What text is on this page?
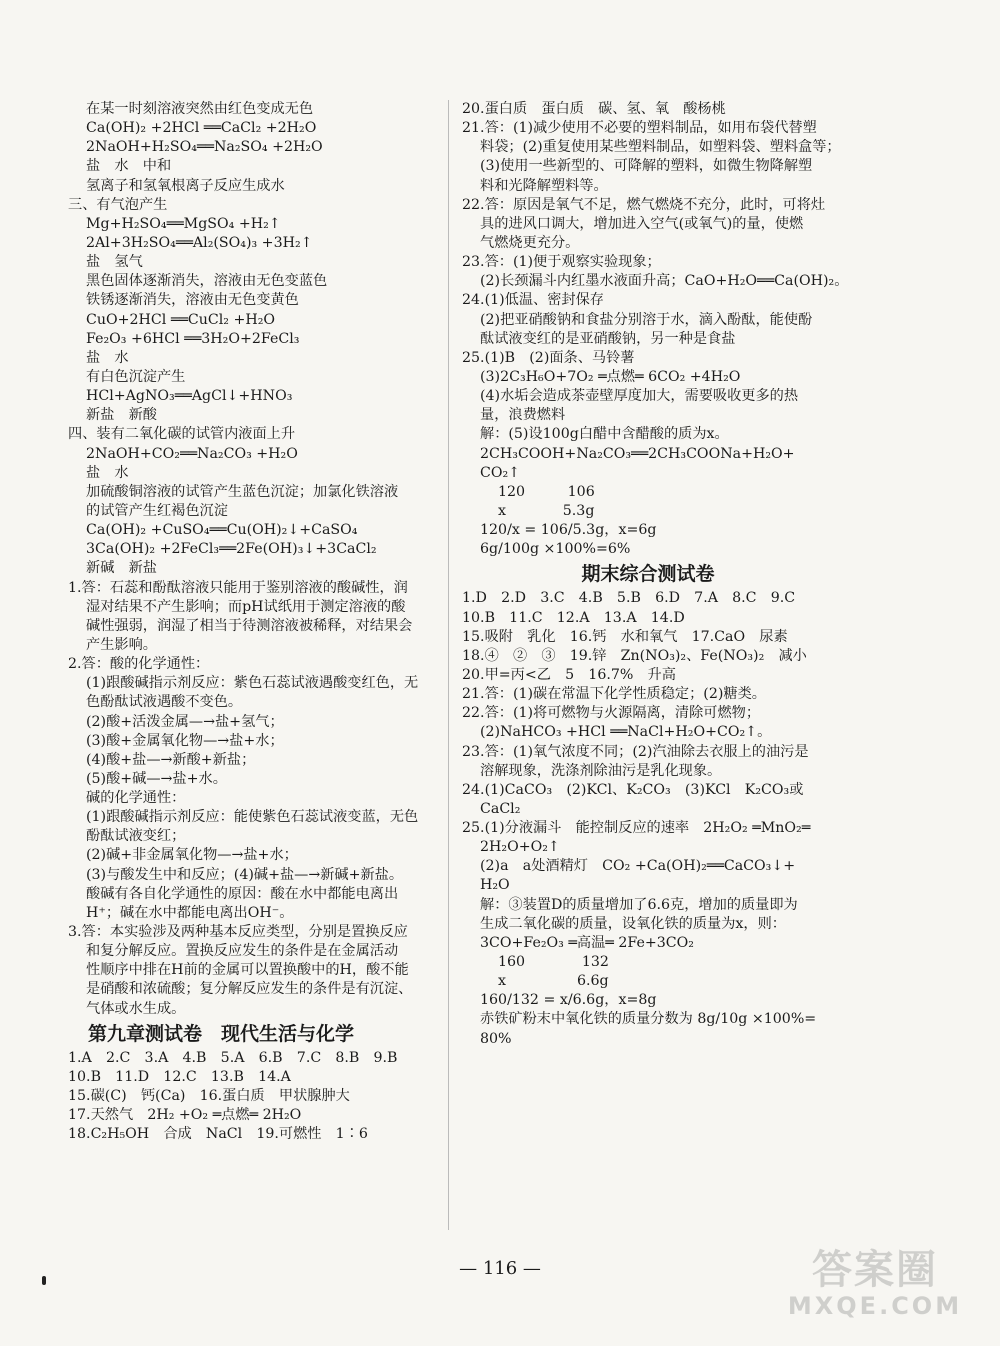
在某一时刻溶液突然由红色变成无色
Ca(OH)₂ +2HCl ══CaCl₂ +2H₂O
2NaOH+H₂SO₄══Na₂SO₄ +2H₂O
盐　水　中和
氢离子和氢氧根离子反应生成水
三、有气泡产生
Mg+H₂SO₄══MgSO₄ +H₂↑
2Al+3H₂SO₄══Al₂(SO₄)₃ +3H₂↑
盐　氢气
黑色固体逐渐消失，溶液由无色变蓝色
铁锈逐渐消失，溶液由无色变黄色
CuO+2HCl ══CuCl₂ +H₂O
Fe₂O₃ +6HCl ══3H₂O+2FeCl₃
盐　水
有白色沉淀产生
HCl+AgNO₃══AgCl↓+HNO₃
新盐　新酸
四、装有二氧化碳的试管内液面上升
2NaOH+CO₂══Na₂CO₃ +H₂O
盐　水
加硫酸铜溶液的试管产生蓝色沉淀；加氯化铁溶液
的试管产生红褐色沉淀
Ca(OH)₂ +CuSO₄══Cu(OH)₂↓+CaSO₄
3Ca(OH)₂ +2FeCl₃══2Fe(OH)₃↓+3CaCl₂
新碱　新盐
1.答：石蕊和酚酞溶液只能用于鉴别溶液的酸碱性，润
湿对结果不产生影响；而pH试纸用于测定溶液的酸
碱性强弱，润湿了相当于待测溶液被稀释，对结果会
产生影响。
2.答：酸的化学通性：
(1)跟酸碱指示剂反应：紫色石蕊试液遇酸变红色，无
色酚酞试液遇酸不变色。
(2)酸+活泼金属—→盐+氢气；
(3)酸+金属氧化物—→盐+水；
(4)酸+盐—→新酸+新盐；
(5)酸+碱—→盐+水。
碱的化学通性：
(1)跟酸碱指示剂反应：能使紫色石蕊试液变蓝，无色
酚酞试液变红；
(2)碱+非金属氧化物—→盐+水；
(3)与酸发生中和反应；(4)碱+盐—→新碱+新盐。
酸碱有各自化学通性的原因：酸在水中都能电离出
H⁺；碱在水中都能电离出OH⁻。
3.答：本实验涉及两种基本反应类型，分别是置换反应
和复分解反应。置换反应发生的条件是在金属活动
性顺序中排在H前的金属可以置换酸中的H，酸不能
是硝酸和浓硫酸；复分解反应发生的条件是有沉淀、
气体或水生成。
第九章测试卷　现代生活与化学
1.A　2.C　3.A　4.B　5.A　6.B　7.C　8.B　9.B
10.B　11.D　12.C　13.B　14.A
15.碳(C)　钙(Ca)　16.蛋白质　甲状腺肿大
17.天然气　2H₂ +O₂ ═点燃═ 2H₂O
18.C₂H₅OH　合成　NaCl　19.可燃性　1∶6
20.蛋白质　蛋白质　碳、氢、氧　酸杨桃
21.答：(1)减少使用不必要的塑料制品，如用布袋代替塑
料袋；(2)重复使用某些塑料制品，如塑料袋、塑料盒等；
(3)使用一些新型的、可降解的塑料，如微生物降解塑
料和光降解塑料等。
22.答：原因是氧气不足，燃气燃烧不充分，此时，可将灶
具的进风口调大，增加进入空气(或氧气)的量，使燃
气燃烧更充分。
23.答：(1)便于观察实验现象；
(2)长颈漏斗内红墨水液面升高；CaO+H₂O══Ca(OH)₂。
24.(1)低温、密封保存
(2)把亚硝酸钠和食盐分别溶于水，滴入酚酞，能使酚
酞试液变红的是亚硝酸钠，另一种是食盐
25.(1)B　(2)面条、马铃薯
(3)2C₃H₆O+7O₂ ═点燃═ 6CO₂ +4H₂O
(4)水垢会造成茶壶壁厚度加大，需要吸收更多的热
量，浪费燃料
解：(5)设100g白醋中含醋酸的质为x。
2CH₃COOH+Na₂CO₃══2CH₃COONa+H₂O+
CO₂↑
120　　　106
x　　　　5.3g
120/x = 106/5.3g，x=6g
6g/100g ×100%=6%
期末综合测试卷
1.D　2.D　3.C　4.B　5.B　6.D　7.A　8.C　9.C
10.B　11.C　12.A　13.A　14.D
15.吸附　乳化　16.钙　水和氧气　17.CaO　尿素
18.④　②　③　19.锌　Zn(NO₃)₂、Fe(NO₃)₂　减小
20.甲=丙<乙　5　16.7%　升高
21.答：(1)碳在常温下化学性质稳定；(2)糖类。
22.答：(1)将可燃物与火源隔离，清除可燃物；
(2)NaHCO₃ +HCl ══NaCl+H₂O+CO₂↑。
23.答：(1)氧气浓度不同；(2)汽油除去衣服上的油污是
溶解现象，洗涤剂除油污是乳化现象。
24.(1)CaCO₃　(2)KCl、K₂CO₃　(3)KCl　K₂CO₃或
CaCl₂
25.(1)分液漏斗　能控制反应的速率　2H₂O₂ ═MnO₂═
2H₂O+O₂↑
(2)a　a处酒精灯　CO₂ +Ca(OH)₂══CaCO₃↓+
H₂O
解：③装置D的质量增加了6.6克，增加的质量即为
生成二氧化碳的质量，设氧化铁的质量为x，则：
3CO+Fe₂O₃ ═高温═ 2Fe+3CO₂
160　　　　132
x　　　　　6.6g
160/132 = x/6.6g，x=8g
赤铁矿粉末中氧化铁的质量分数为 8g/10g ×100%=
80%
— 116 —	答案圈
MXQE.COM
